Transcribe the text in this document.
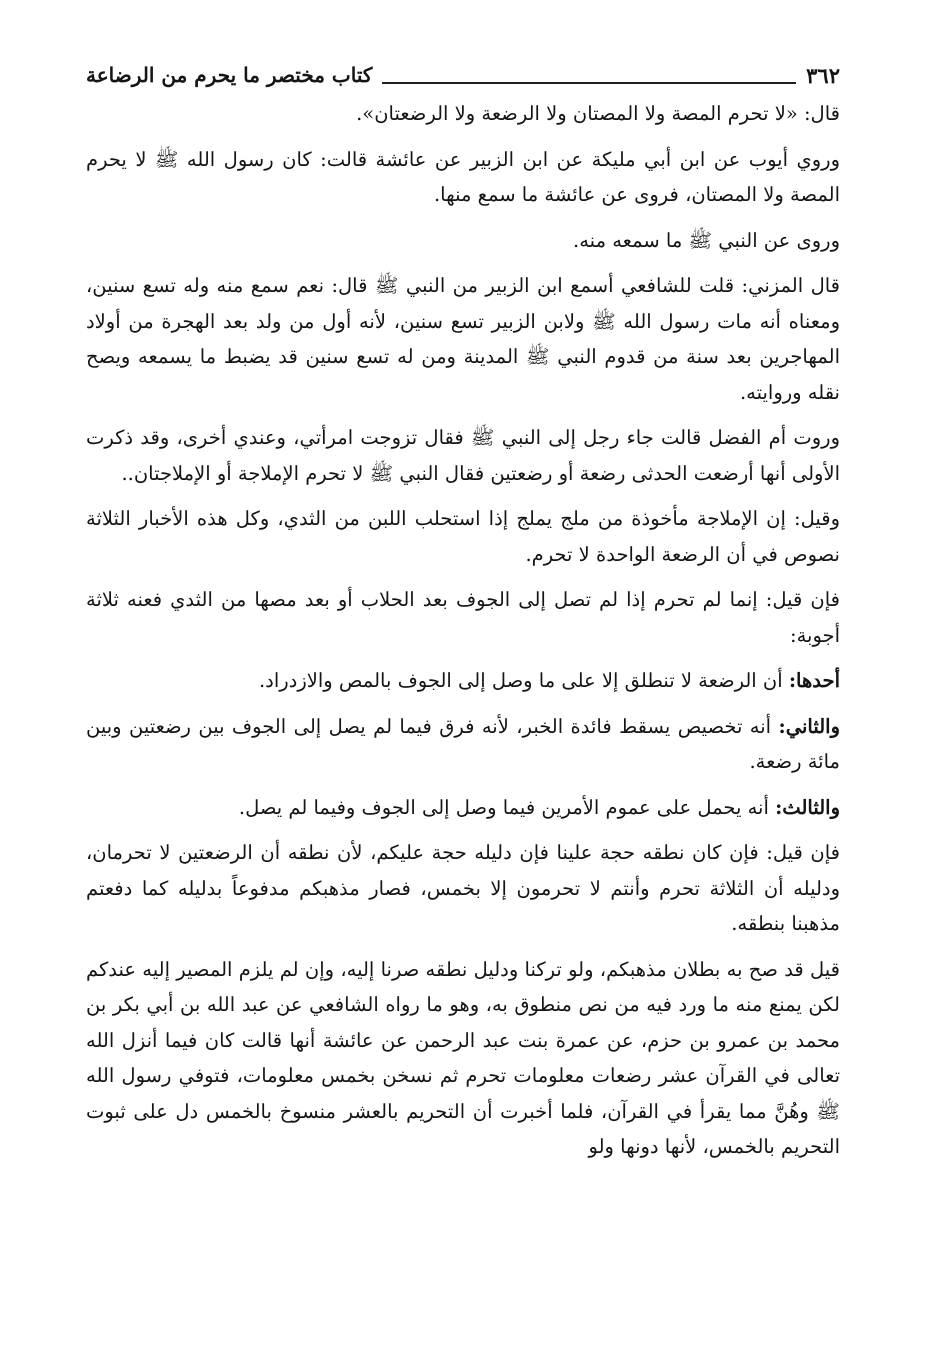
٣٦٢
كتاب مختصر ما يحرم من الرضاعة

قال: «لا تحرم المصة ولا المصتان ولا الرضعة ولا الرضعتان».

وروي أيوب عن ابن أبي مليكة عن ابن الزبير عن عائشة قالت: كان رسول الله ﷺ لا يحرم المصة ولا المصتان، فروى عن عائشة ما سمع منها.

وروى عن النبي ﷺ ما سمعه منه.

قال المزني: قلت للشافعي أسمع ابن الزبير من النبي ﷺ قال: نعم سمع منه وله تسع سنين، ومعناه أنه مات رسول الله ﷺ ولابن الزبير تسع سنين، لأنه أول من ولد بعد الهجرة من أولاد المهاجرين بعد سنة من قدوم النبي ﷺ المدينة ومن له تسع سنين قد يضبط ما يسمعه ويصح نقله وروايته.

وروت أم الفضل قالت جاء رجل إلى النبي ﷺ فقال تزوجت امرأتي، وعندي أخرى، وقد ذكرت الأولى أنها أرضعت الحدثى رضعة أو رضعتين فقال النبي ﷺ لا تحرم الإملاجة أو الإملاجتان..

وقيل: إن الإملاجة مأخوذة من ملج يملج إذا استحلب اللبن من الثدي، وكل هذه الأخبار الثلاثة نصوص في أن الرضعة الواحدة لا تحرم.

فإن قيل: إنما لم تحرم إذا لم تصل إلى الجوف بعد الحلاب أو بعد مصها من الثدي فعنه ثلاثة أجوبة:

أحدها: أن الرضعة لا تنطلق إلا على ما وصل إلى الجوف بالمص والازدراد.

والثاني: أنه تخصيص يسقط فائدة الخبر، لأنه فرق فيما لم يصل إلى الجوف بين رضعتين وبين مائة رضعة.

والثالث: أنه يحمل على عموم الأمرين فيما وصل إلى الجوف وفيما لم يصل.

فإن قيل: فإن كان نطقه حجة علينا فإن دليله حجة عليكم، لأن نطقه أن الرضعتين لا تحرمان، ودليله أن الثلاثة تحرم وأنتم لا تحرمون إلا بخمس، فصار مذهبكم مدفوعاً بدليله كما دفعتم مذهبنا بنطقه.

قيل قد صح به بطلان مذهبكم، ولو تركنا ودليل نطقه صرنا إليه، وإن لم يلزم المصير إليه عندكم لكن يمنع منه ما ورد فيه من نص منطوق به، وهو ما رواه الشافعي عن عبد الله بن أبي بكر بن محمد بن عمرو بن حزم، عن عمرة بنت عبد الرحمن عن عائشة أنها قالت كان فيما أنزل الله تعالى في القرآن عشر رضعات معلومات تحرم ثم نسخن بخمس معلومات، فتوفي رسول الله ﷺ وهُنَّ مما يقرأ في القرآن، فلما أخبرت أن التحريم بالعشر منسوخ بالخمس دل على ثبوت التحريم بالخمس، لأنها دونها ولو
